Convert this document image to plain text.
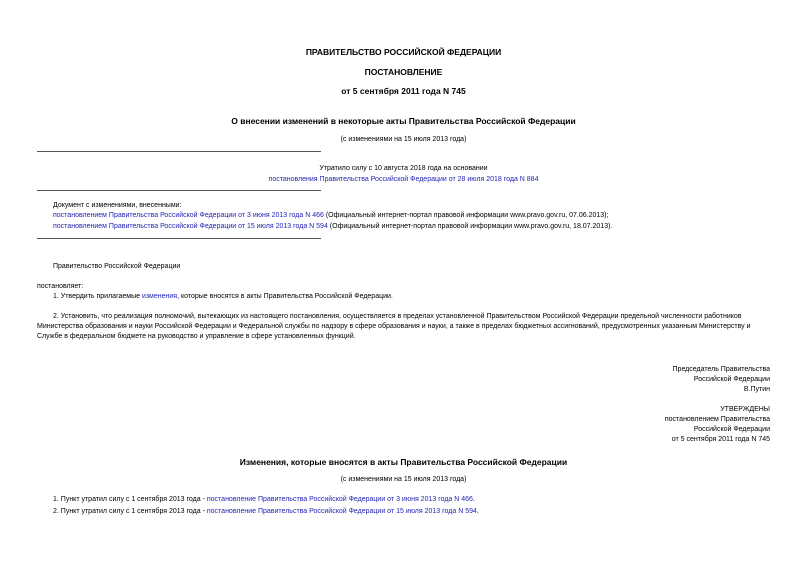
ПРАВИТЕЛЬСТВО РОССИЙСКОЙ ФЕДЕРАЦИИ
ПОСТАНОВЛЕНИЕ
от 5 сентября 2011 года N 745
О внесении изменений в некоторые акты Правительства Российской Федерации
(с изменениями на 15 июля 2013 года)
Утратило силу с 10 августа 2018 года на основании
постановления Правительства Российской Федерации от 28 июля 2018 года N 884
Документ с изменениями, внесенными:
постановлением Правительства Российской Федерации от 3 июня 2013 года N 466 (Официальный интернет-портал правовой информации www.pravo.gov.ru, 07.06.2013);
постановлением Правительства Российской Федерации от 15 июля 2013 года N 594 (Официальный интернет-портал правовой информации www.pravo.gov.ru, 18.07.2013).
Правительство Российской Федерации
постановляет:
1. Утвердить прилагаемые изменения, которые вносятся в акты Правительства Российской Федерации.
2. Установить, что реализация полномочий, вытекающих из настоящего постановления, осуществляется в пределах установленной Правительством Российской Федерации предельной численности работников
Министерства образования и науки Российской Федерации и Федеральной службы по надзору в сфере образования и науки, а также в пределах бюджетных ассигнований, предусмотренных указанным Министерству и
Службе в федеральном бюджете на руководство и управление в сфере установленных функций.
Председатель Правительства
Российской Федерации
В.Путин
УТВЕРЖДЕНЫ
постановлением Правительства
Российской Федерации
от 5 сентября 2011 года N 745
Изменения, которые вносятся в акты Правительства Российской Федерации
(с изменениями на 15 июля 2013 года)
1. Пункт утратил силу с 1 сентября 2013 года - постановление Правительства Российской Федерации от 3 июня 2013 года N 466.
2. Пункт утратил силу с 1 сентября 2013 года - постановление Правительства Российской Федерации от 15 июля 2013 года N 594.
